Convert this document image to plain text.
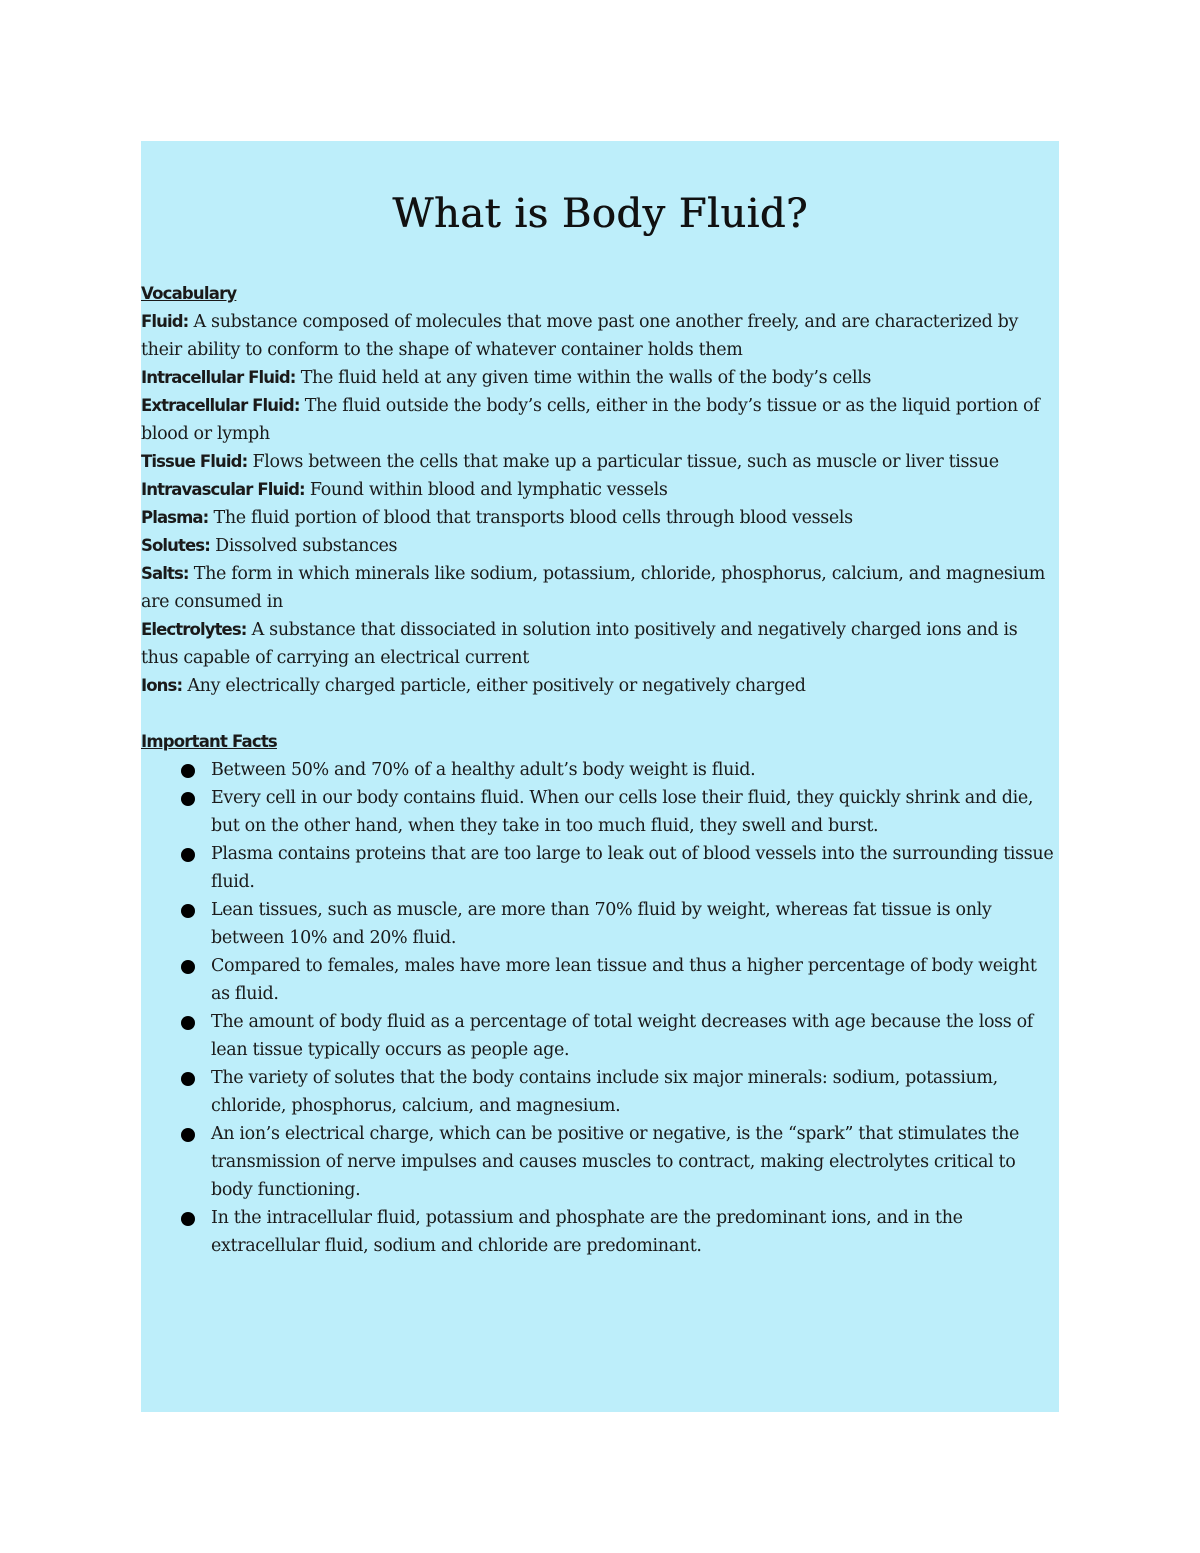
What is Body Fluid?
Vocabulary
Fluid: A substance composed of molecules that move past one another freely, and are characterized by their ability to conform to the shape of whatever container holds them
Intracellular Fluid: The fluid held at any given time within the walls of the body’s cells
Extracellular Fluid: The fluid outside the body’s cells, either in the body’s tissue or as the liquid portion of blood or lymph
Tissue Fluid: Flows between the cells that make up a particular tissue, such as muscle or liver tissue
Intravascular Fluid: Found within blood and lymphatic vessels
Plasma: The fluid portion of blood that transports blood cells through blood vessels
Solutes: Dissolved substances
Salts: The form in which minerals like sodium, potassium, chloride, phosphorus, calcium, and magnesium are consumed in
Electrolytes: A substance that dissociated in solution into positively and negatively charged ions and is thus capable of carrying an electrical current
Ions: Any electrically charged particle, either positively or negatively charged
Important Facts
Between 50% and 70% of a healthy adult’s body weight is fluid.
Every cell in our body contains fluid. When our cells lose their fluid, they quickly shrink and die, but on the other hand, when they take in too much fluid, they swell and burst.
Plasma contains proteins that are too large to leak out of blood vessels into the surrounding tissue fluid.
Lean tissues, such as muscle, are more than 70% fluid by weight, whereas fat tissue is only between 10% and 20% fluid.
Compared to females, males have more lean tissue and thus a higher percentage of body weight as fluid.
The amount of body fluid as a percentage of total weight decreases with age because the loss of lean tissue typically occurs as people age.
The variety of solutes that the body contains include six major minerals: sodium, potassium, chloride, phosphorus, calcium, and magnesium.
An ion’s electrical charge, which can be positive or negative, is the “spark” that stimulates the transmission of nerve impulses and causes muscles to contract, making electrolytes critical to body functioning.
In the intracellular fluid, potassium and phosphate are the predominant ions, and in the extracellular fluid, sodium and chloride are predominant.
